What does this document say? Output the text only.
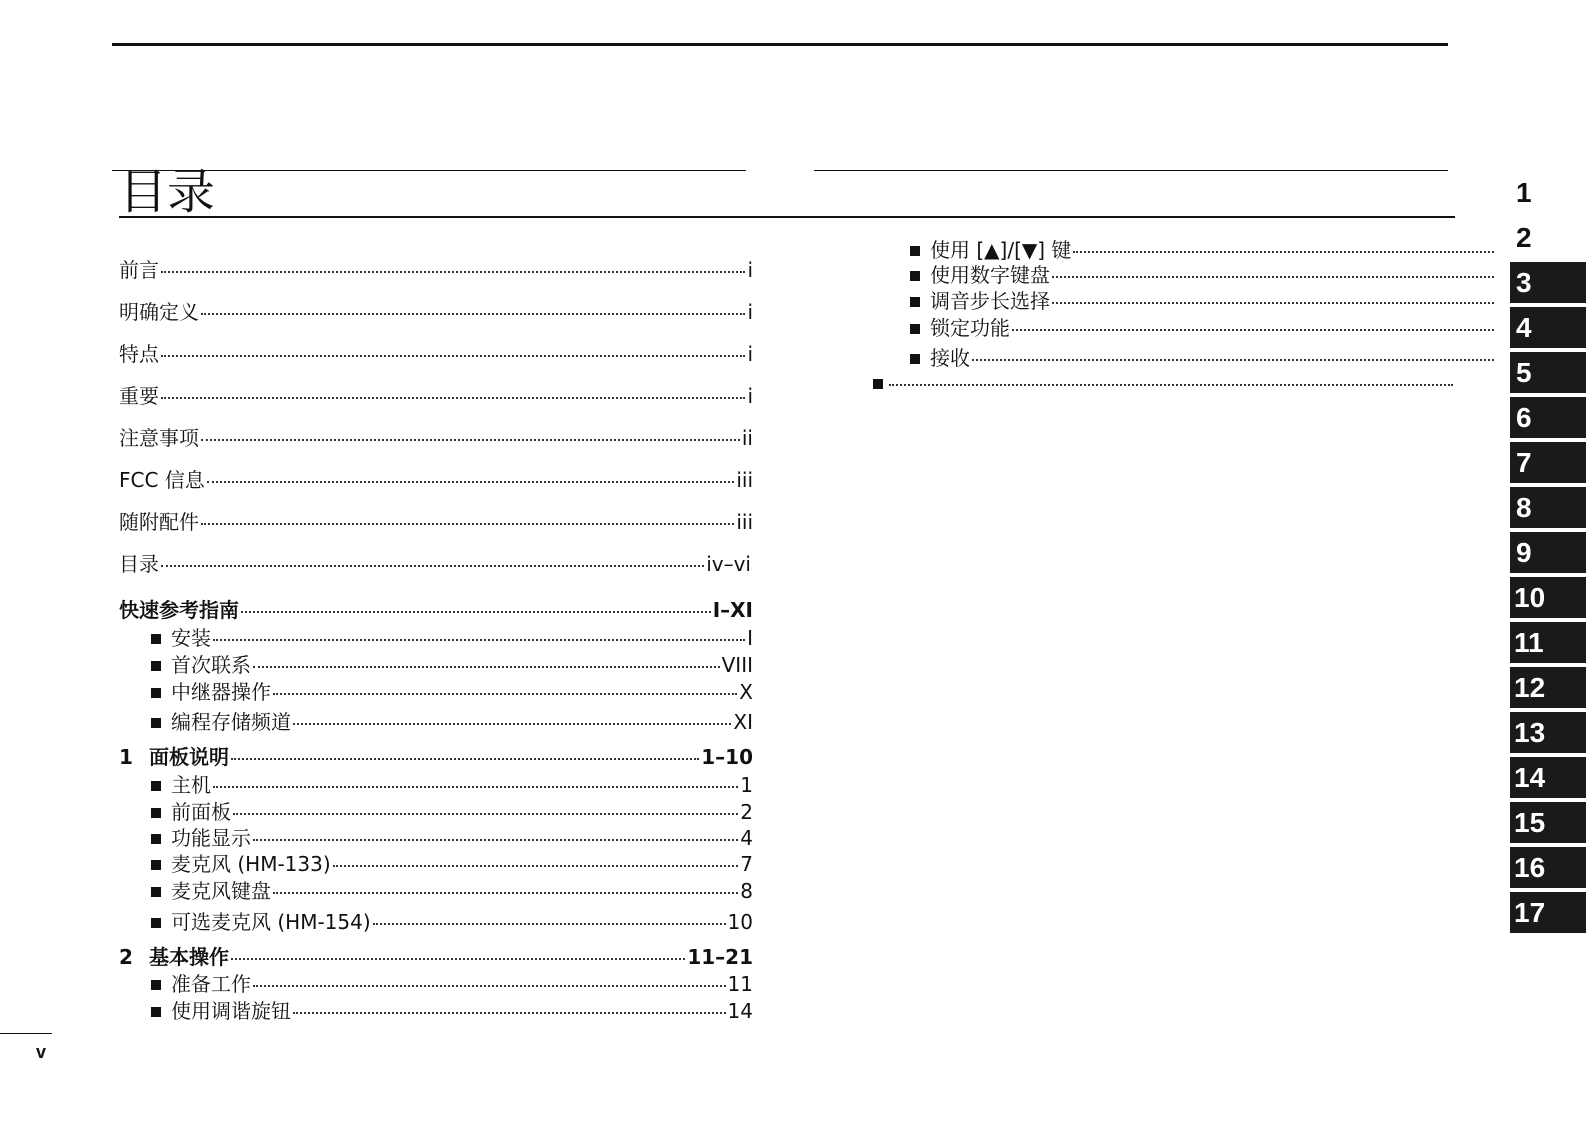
目录
前言	i
明确定义	i
特点	i
重要	i
注意事项	ii
FCC 信息	iii
随附配件	iii
目录	iv–vi
快速参考指南	I–XI
安装	I
首次联系	VIII
中继器操作	X
编程存储频道	XI
1 面板说明	1–10
主机	1
前面板	2
功能显示	4
麦克风 (HM-133)	7
麦克风键盘	8
可选麦克风 (HM-154)	10
2 基本操作	11–21
准备工作	11
使用调谐旋钮	14
使用 [▲]/[▼] 键
使用数字键盘
调音步长选择
锁定功能
接收
1
2
3
4
5
6
7
8
9
10
11
12
13
14
15
16
17
v
